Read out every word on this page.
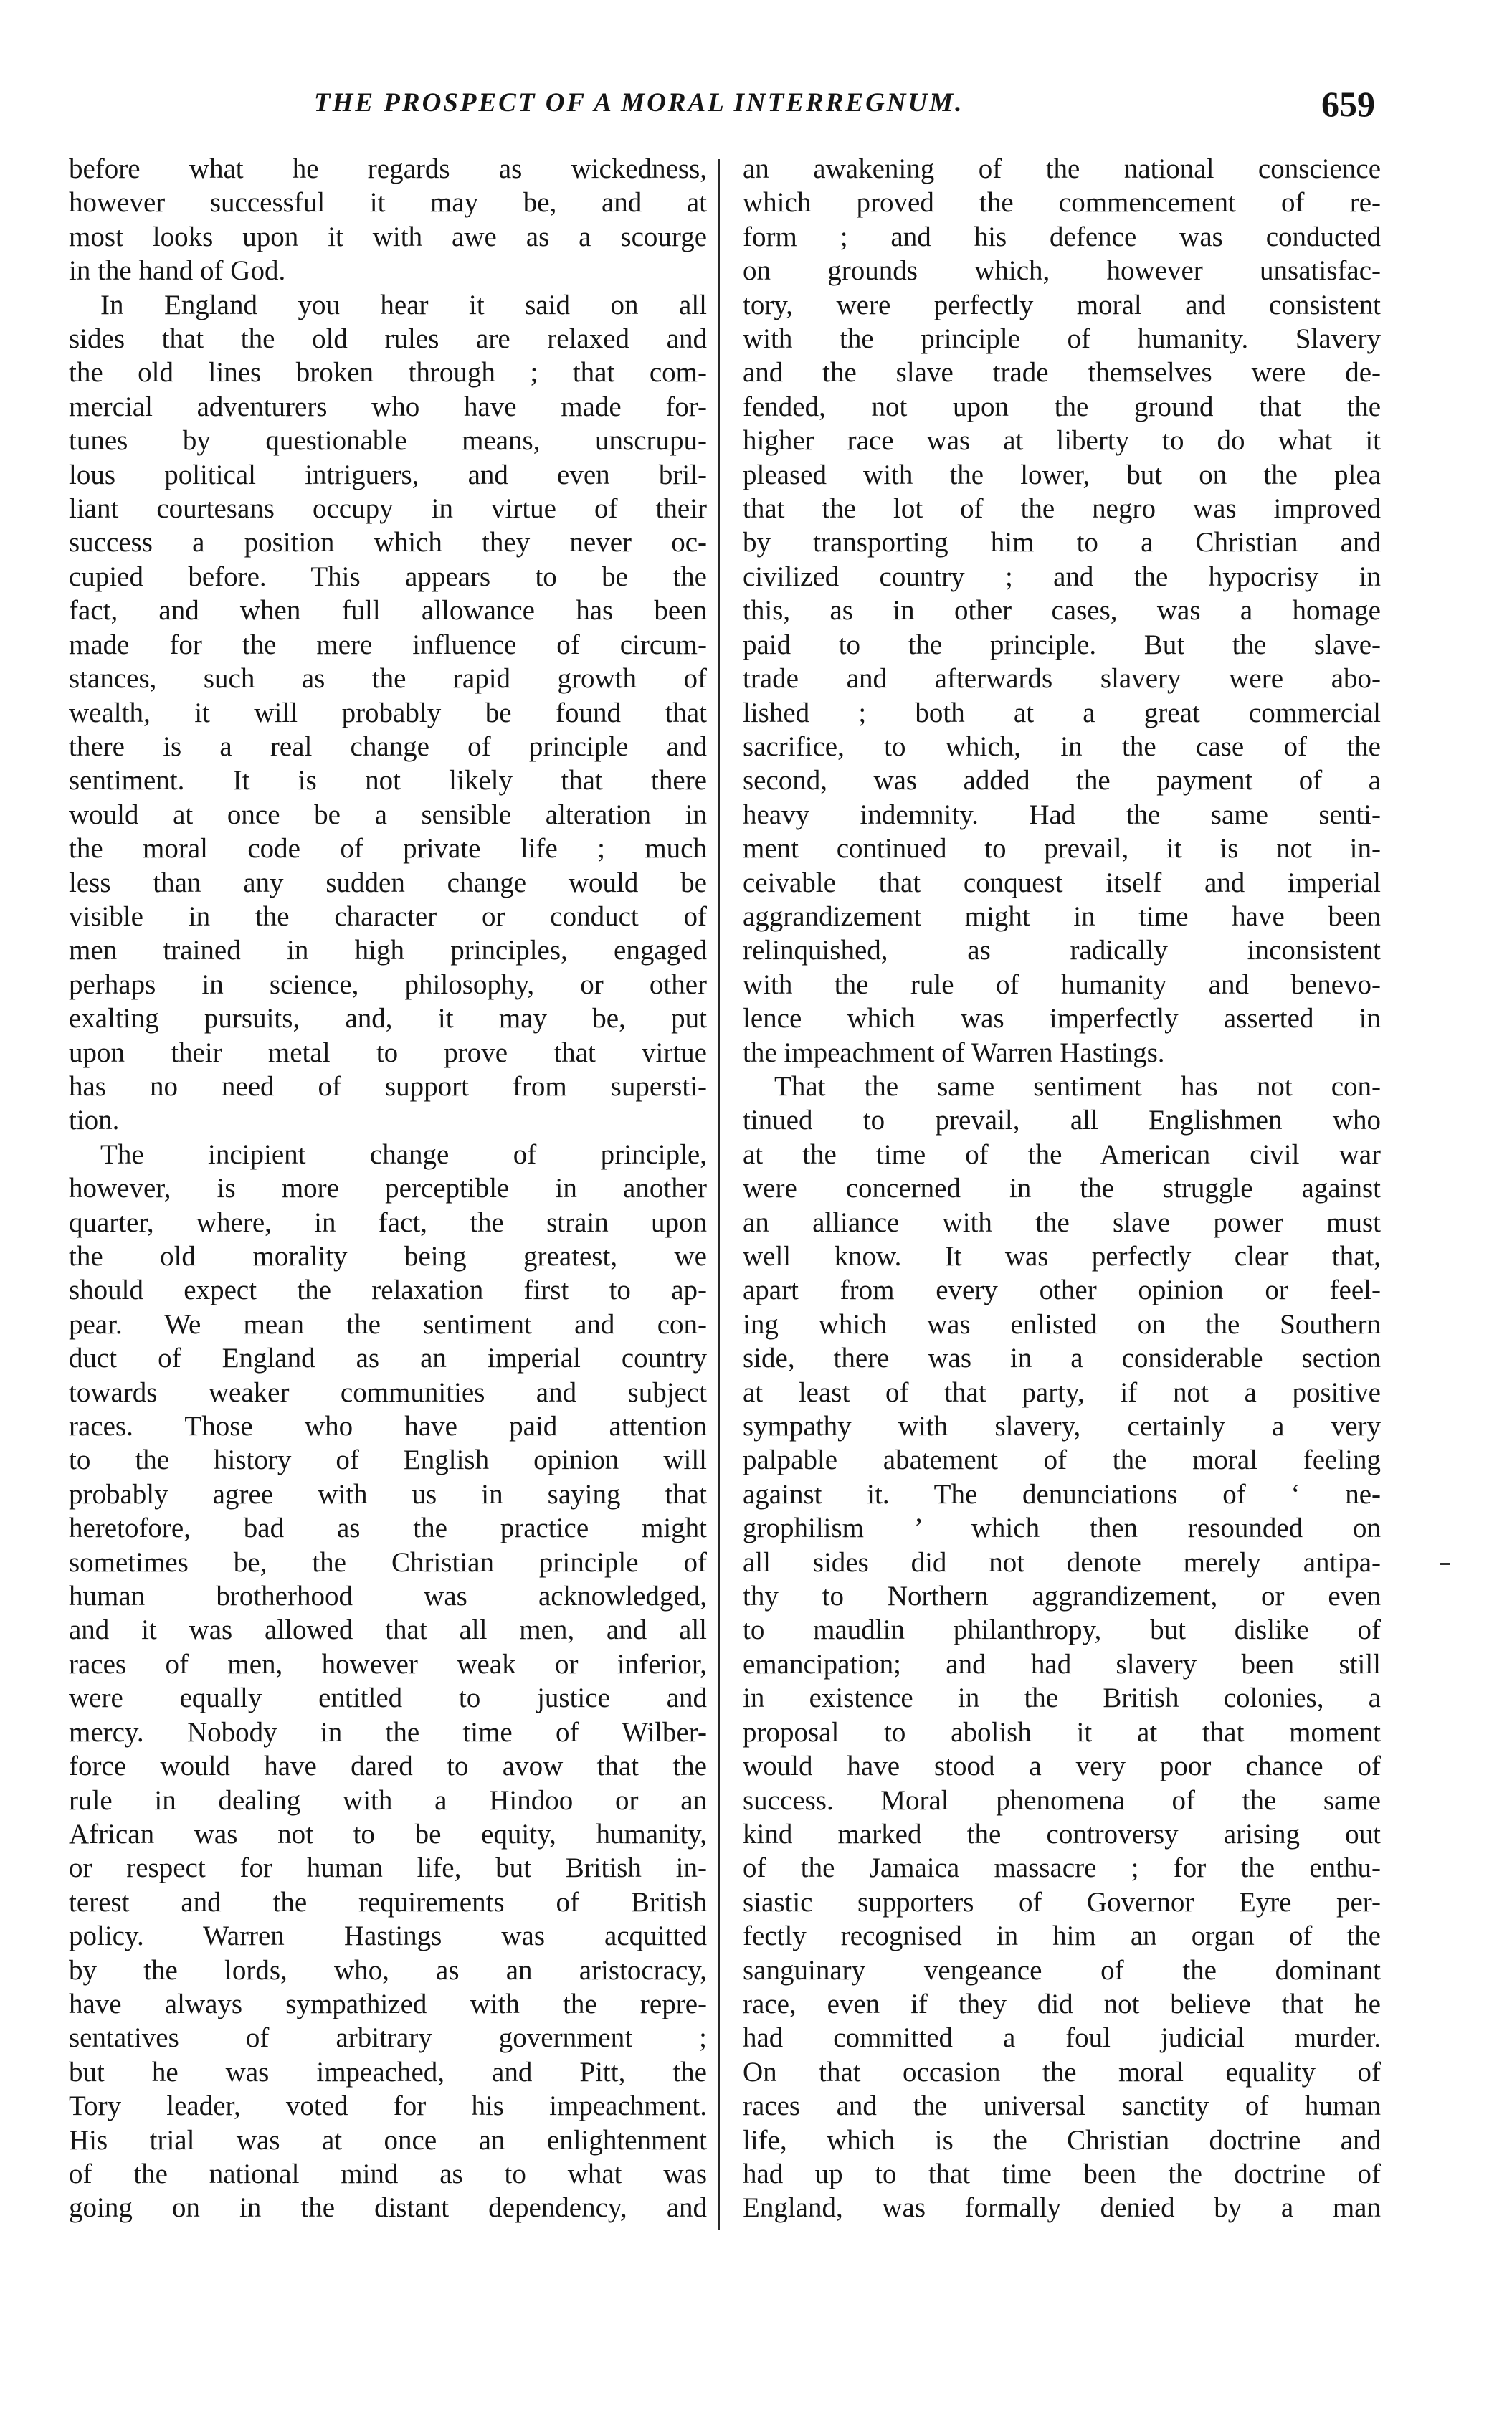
THE PROSPECT OF A MORAL INTERREGNUM.	659

before what he regards as wickedness,

however successful it may be, and at

most looks upon it with awe as a scourge

in the hand of God.

In England you hear it said on all

sides that the old rules are relaxed and

the old lines broken through ; that com-

mercial adventurers who have made for-

tunes by questionable means, unscrupu-

lous political intriguers, and even bril-

liant courtesans occupy in virtue of their

success a position which they never oc-

cupied before. This appears to be the

fact, and when full allowance has been

made for the mere influence of circum-

stances, such as the rapid growth of

wealth, it will probably be found that

there is a real change of principle and

sentiment. It is not likely that there

would at once be a sensible alteration in

the moral code of private life ; much

less than any sudden change would be

visible in the character or conduct of

men trained in high principles, engaged

perhaps in science, philosophy, or other

exalting pursuits, and, it may be, put

upon their metal to prove that virtue

has no need of support from supersti-

tion.

The incipient change of principle,

however, is more perceptible in another

quarter, where, in fact, the strain upon

the old morality being greatest, we

should expect the relaxation first to ap-

pear. We mean the sentiment and con-

duct of England as an imperial country

towards weaker communities and subject

races. Those who have paid attention

to the history of English opinion will

probably agree with us in saying that

heretofore, bad as the practice might

sometimes be, the Christian principle of

human brotherhood was acknowledged,

and it was allowed that all men, and all

races of men, however weak or inferior,

were equally entitled to justice and

mercy. Nobody in the time of Wilber-

force would have dared to avow that the

rule in dealing with a Hindoo or an

African was not to be equity, humanity,

or respect for human life, but British in-

terest and the requirements of British

policy. Warren Hastings was acquitted

by the lords, who, as an aristocracy,

have always sympathized with the repre-

sentatives of arbitrary government ;

but he was impeached, and Pitt, the

Tory leader, voted for his impeachment.

His trial was at once an enlightenment

of the national mind as to what was

going on in the distant dependency, and

an awakening of the national conscience

which proved the commencement of re-

form ; and his defence was conducted

on grounds which, however unsatisfac-

tory, were perfectly moral and consistent

with the principle of humanity. Slavery

and the slave trade themselves were de-

fended, not upon the ground that the

higher race was at liberty to do what it

pleased with the lower, but on the plea

that the lot of the negro was improved

by transporting him to a Christian and

civilized country ; and the hypocrisy in

this, as in other cases, was a homage

paid to the principle. But the slave-

trade and afterwards slavery were abo-

lished ; both at a great commercial

sacrifice, to which, in the case of the

second, was added the payment of a

heavy indemnity. Had the same senti-

ment continued to prevail, it is not in-

ceivable that conquest itself and imperial

aggrandizement might in time have been

relinquished, as radically inconsistent

with the rule of humanity and benevo-

lence which was imperfectly asserted in

the impeachment of Warren Hastings.

That the same sentiment has not con-

tinued to prevail, all Englishmen who

at the time of the American civil war

were concerned in the struggle against

an alliance with the slave power must

well know. It was perfectly clear that,

apart from every other opinion or feel-

ing which was enlisted on the Southern

side, there was in a considerable section

at least of that party, if not a positive

sympathy with slavery, certainly a very

palpable abatement of the moral feeling

against it. The denunciations of ‘ ne-

grophilism ’ which then resounded on

all sides did not denote merely antipa-

thy to Northern aggrandizement, or even

to maudlin philanthropy, but dislike of

emancipation; and had slavery been still

in existence in the British colonies, a

proposal to abolish it at that moment

would have stood a very poor chance of

success. Moral phenomena of the same

kind marked the controversy arising out

of the Jamaica massacre ; for the enthu-

siastic supporters of Governor Eyre per-

fectly recognised in him an organ of the

sanguinary vengeance of the dominant

race, even if they did not believe that he

had committed a foul judicial murder.

On that occasion the moral equality of

races and the universal sanctity of human

life, which is the Christian doctrine and

had up to that time been the doctrine of

England, was formally denied by a man
